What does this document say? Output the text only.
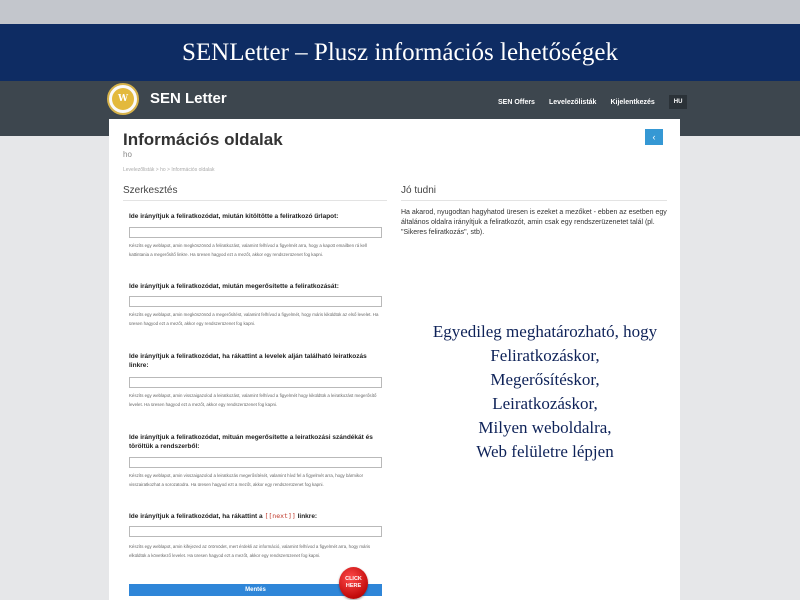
SENLetter – Plusz információs lehetőségek
W	SEN Letter	SEN Offers Levelezőlisták Kijelentkezés	HU
Információs oldalak
ho
‹
Levelezőlisták > ho > Információs oldalak
Szerkesztés	Jó tudni
Ide irányítjuk a feliratkozódat, miután kitöltötte a feliratkozó űrlapot:
Készíts egy weblapot, amin megköszönöd a feliratkozást, valamint felhívod a figyelmét arra, hogy a kapott emailben rá kell kattintania a megerősítő linkre. Ha üresen hagyod ezt a mezőt, akkor egy rendszerüzenet fog kapni.
Ide irányítjuk a feliratkozódat, miután megerősítette a feliratkozását:
Készíts egy weblapot, amin megköszönöd a megerősítést, valamint felhívod a figyelmét, hogy máris kiküldtük az első levelet. Ha üresen hagyod ezt a mezőt, akkor egy rendszerüzenet fog kapni.
Ide irányítjuk a feliratkozódat, ha rákattint a levelek alján található leiratkozás linkre:
Készíts egy weblapot, amin visszaigazolod a leiratkozást, valamint felhívod a figyelmét hogy kiküldtük a leiratkozást megerősítő levelet. Ha üresen hagyod ezt a mezőt, akkor egy rendszerüzenet fog kapni.
Ide irányítjuk a feliratkozódat, mituán megerősítette a leiratkozási szándékát és töröltük a rendszerből:
Készíts egy weblapot, amin visszaigazolod a leiratkozás megerősítését, valamint hívd fel a figyelmét arra, hogy bármikor visszairatkozhat a sorozatodra. Ha üresen hagyod ezt a mezőt, akkor egy rendszerüzenet fog kapni.
Ide irányítjuk a feliratkozódat, ha rákattint a [[next]] linkre:
Készíts egy weblapot, amin kifejezed az örömödet, mert érdekli az információ, valamint felhívod a figyelmét arra, hogy máris elküldtük a következő levelet. Ha üresen hagyod ezt a mezőt, akkor egy rendszerüzenet fog kapni.
Mentés
CLICK HERE
Ha akarod, nyugodtan hagyhatod üresen is ezeket a mezőket - ebben az esetben egy általános oldalra irányítjuk a feliratkozót, amin csak egy rendszerüzenetet talál (pl. "Sikeres feliratkozás", stb).
Egyedileg meghatározható, hogy
Feliratkozáskor,
Megerősítéskor,
Leiratkozáskor,
Milyen weboldalra,
Web felületre lépjen
